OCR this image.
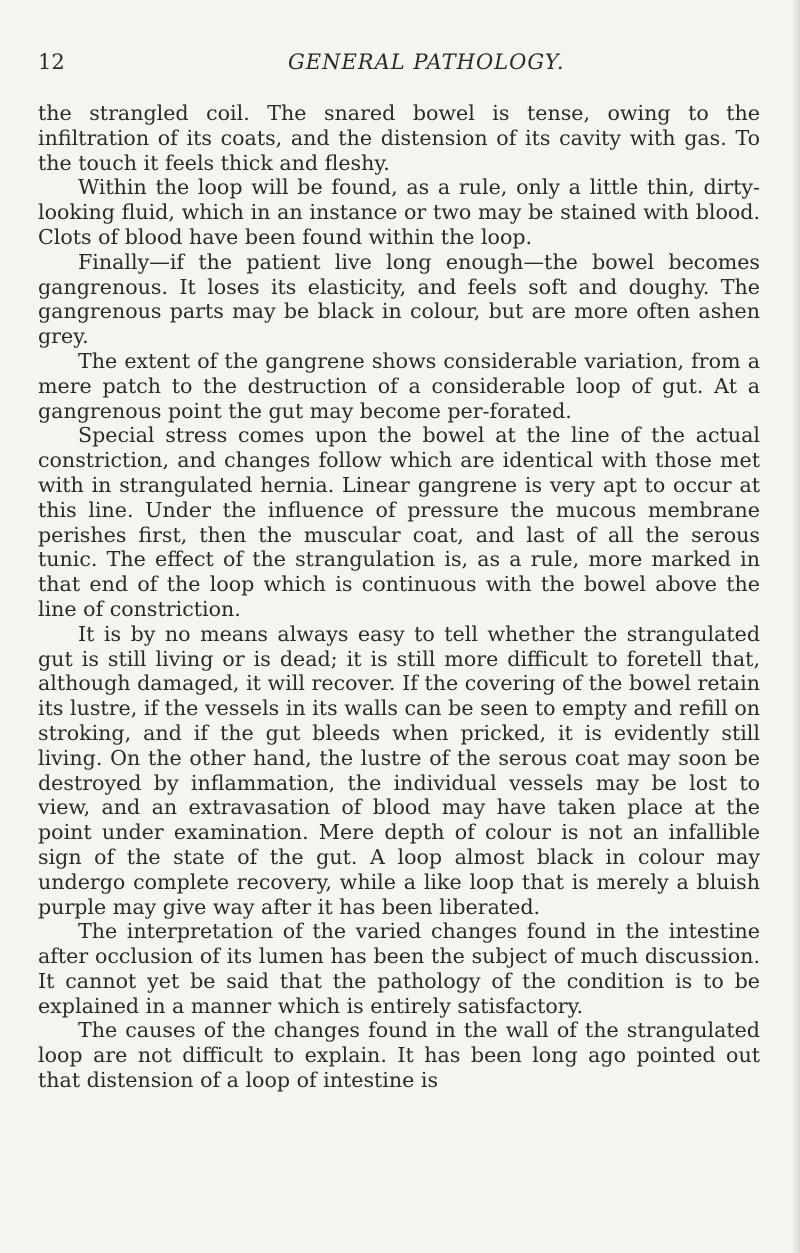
12	GENERAL PATHOLOGY.

the strangled coil. The snared bowel is tense, owing to the infiltration of its coats, and the distension of its cavity with gas. To the touch it feels thick and fleshy.

Within the loop will be found, as a rule, only a little thin, dirty-looking fluid, which in an instance or two may be stained with blood. Clots of blood have been found within the loop.

Finally—if the patient live long enough—the bowel becomes gangrenous. It loses its elasticity, and feels soft and doughy. The gangrenous parts may be black in colour, but are more often ashen grey.

The extent of the gangrene shows considerable variation, from a mere patch to the destruction of a considerable loop of gut. At a gangrenous point the gut may become per-forated.

Special stress comes upon the bowel at the line of the actual constriction, and changes follow which are identical with those met with in strangulated hernia. Linear gangrene is very apt to occur at this line. Under the influence of pressure the mucous membrane perishes first, then the muscular coat, and last of all the serous tunic. The effect of the strangulation is, as a rule, more marked in that end of the loop which is continuous with the bowel above the line of constriction.

It is by no means always easy to tell whether the strangulated gut is still living or is dead; it is still more difficult to foretell that, although damaged, it will recover. If the covering of the bowel retain its lustre, if the vessels in its walls can be seen to empty and refill on stroking, and if the gut bleeds when pricked, it is evidently still living. On the other hand, the lustre of the serous coat may soon be destroyed by inflammation, the individual vessels may be lost to view, and an extravasation of blood may have taken place at the point under examination. Mere depth of colour is not an infallible sign of the state of the gut. A loop almost black in colour may undergo complete recovery, while a like loop that is merely a bluish purple may give way after it has been liberated.

The interpretation of the varied changes found in the intestine after occlusion of its lumen has been the subject of much discussion. It cannot yet be said that the pathology of the condition is to be explained in a manner which is entirely satisfactory.

The causes of the changes found in the wall of the strangulated loop are not difficult to explain. It has been long ago pointed out that distension of a loop of intestine is
